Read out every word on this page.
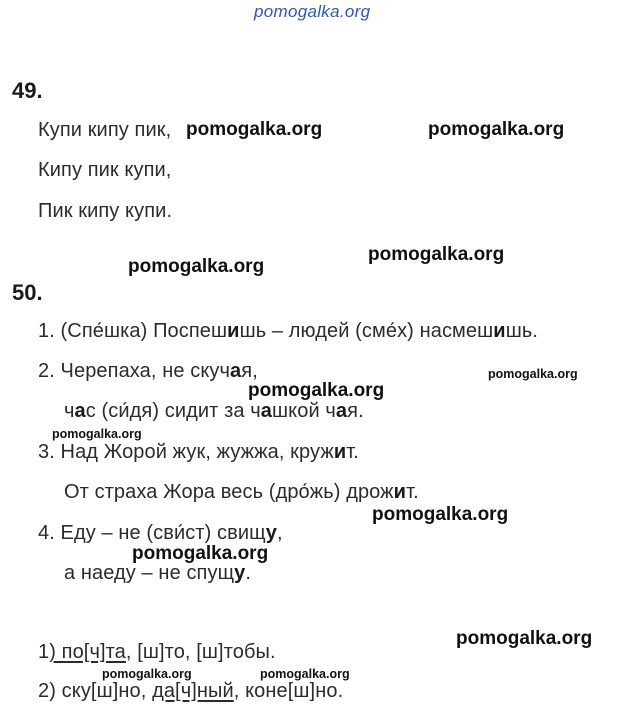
pomogalka.org
49.
Купи кипу пик,
Кипу пик купи,
Пик кипу купи.
50.
1. (Спе́шка) Поспешишь – людей (сме́х) насмешишь.
2. Черепаха, не скучая,
час (си́дя) сидит за чашкой чая.
3. Над Жорой жук, жужжа, кружит.
От страха Жора весь (дро́жь) дрожит.
4. Еду – не (сви́ст) свищу,
а наеду – не спущу.
1) по[ч]та, [ш]то, [ш]тобы.
2) ску[ш]но, да[ч]ный, коне[ш]но.
pomogalka.org	pomogalka.org
pomogalka.org
pomogalka.org
pomogalka.org
pomogalka.org
pomogalka.org
pomogalka.org
pomogalka.org
pomogalka.org
pomogalka.org	pomogalka.org
